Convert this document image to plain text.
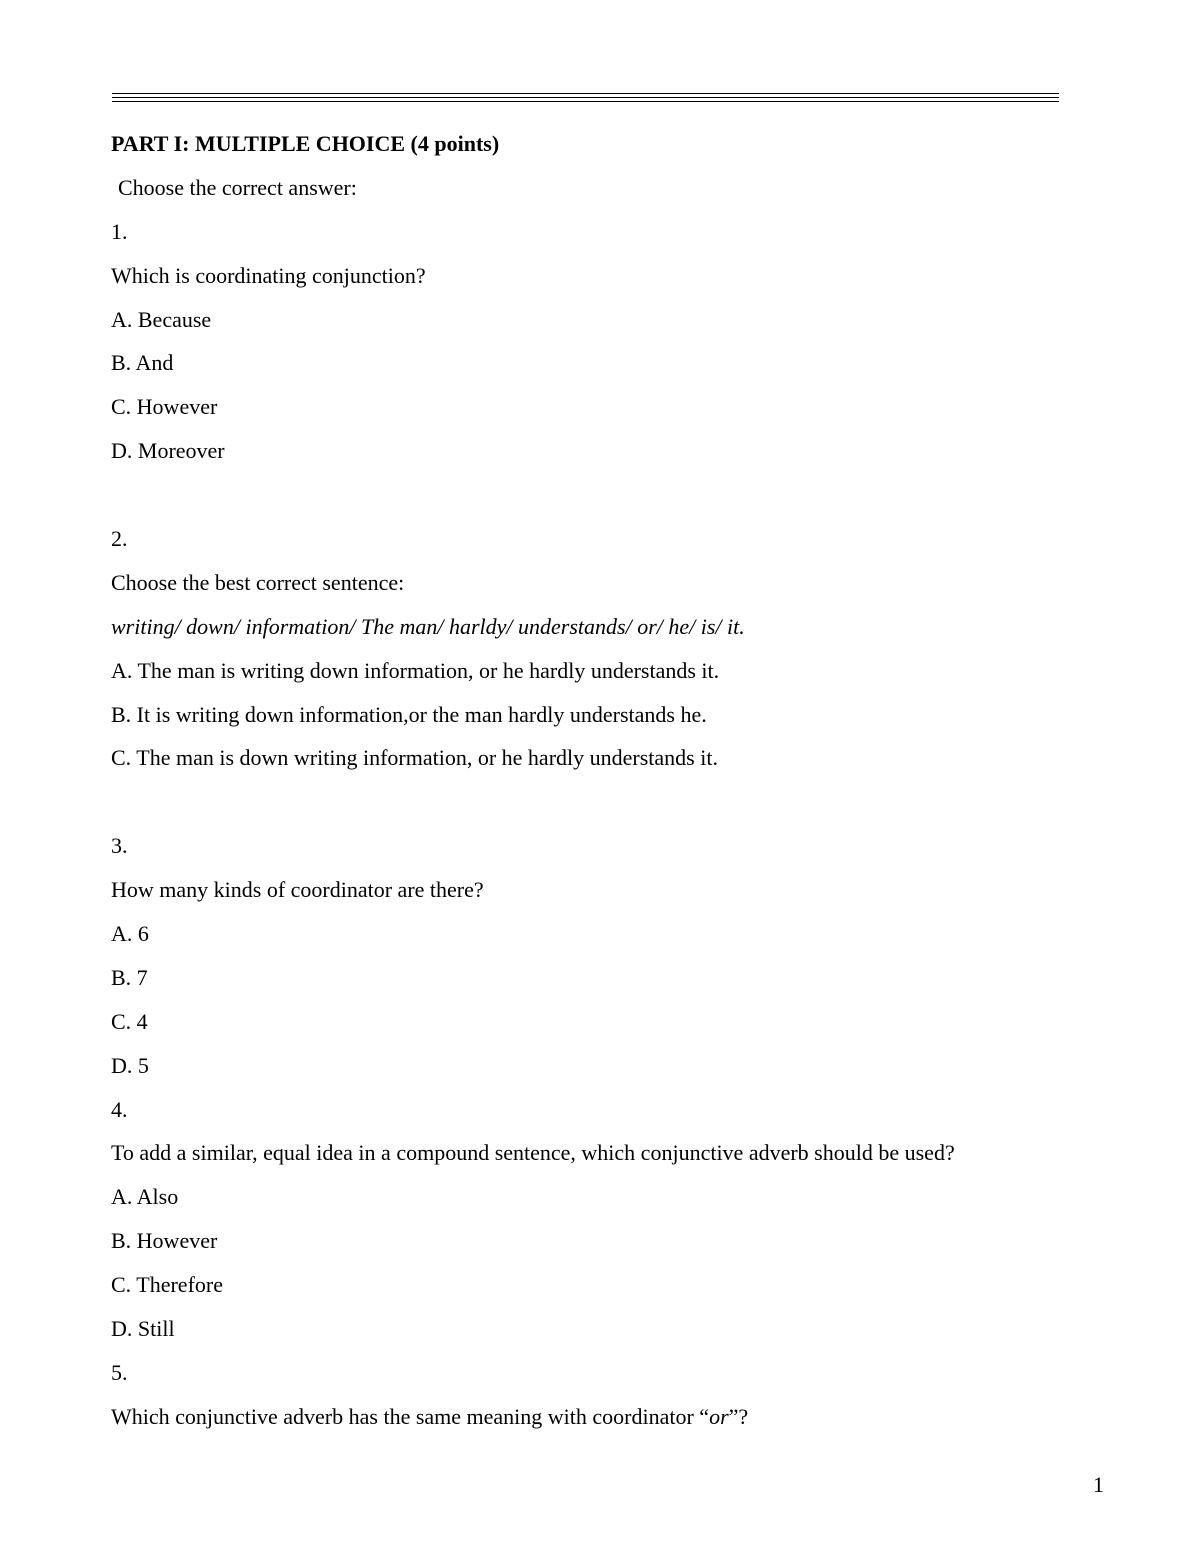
PART I: MULTIPLE CHOICE (4 points)
Choose the correct answer:
1.
Which is coordinating conjunction?
A. Because
B. And
C. However
D. Moreover
2.
Choose the best correct sentence:
writing/ down/ information/ The man/ harldy/ understands/ or/ he/ is/ it.
A. The man is writing down information, or he hardly understands it.
B. It is writing down information,or the man hardly understands he.
C. The man is down writing information, or he hardly understands it.
3.
How many kinds of coordinator are there?
A. 6
B. 7
C. 4
D. 5
4.
To add a similar, equal idea in a compound sentence, which conjunctive adverb should be used?
A. Also
B. However
C. Therefore
D. Still
5.
Which conjunctive adverb has the same meaning with coordinator “or”?
1
